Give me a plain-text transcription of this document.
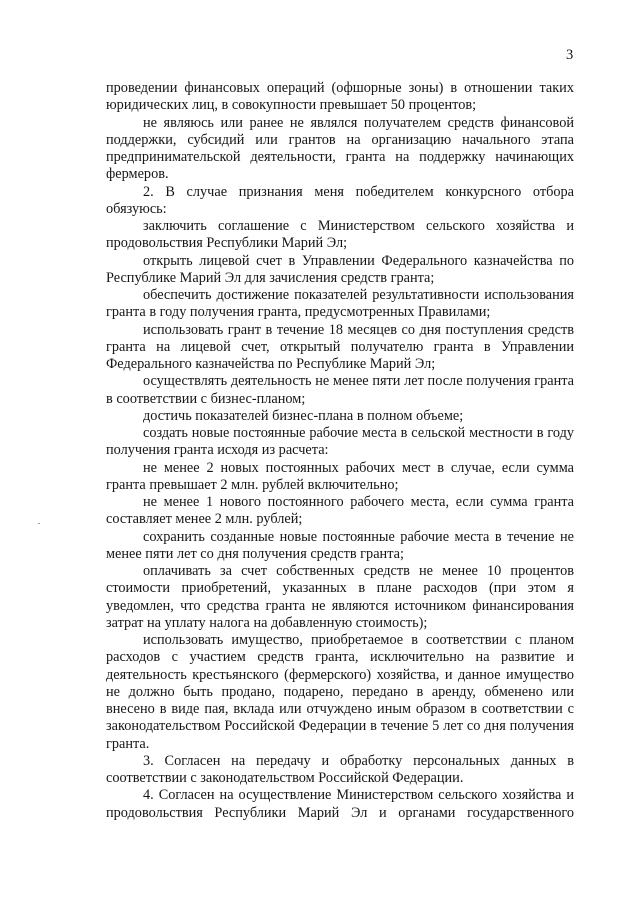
3

проведении финансовых операций (офшорные зоны) в отношении таких юридических лиц, в совокупности превышает 50 процентов;

не являюсь или ранее не являлся получателем средств финансовой поддержки, субсидий или грантов на организацию начального этапа предпринимательской деятельности, гранта на поддержку начинающих фермеров.

2. В случае признания меня победителем конкурсного отбора обязуюсь:

заключить соглашение с Министерством сельского хозяйства и продовольствия Республики Марий Эл;

открыть лицевой счет в Управлении Федерального казначейства по Республике Марий Эл для зачисления средств гранта;

обеспечить достижение показателей результативности использования гранта в году получения гранта, предусмотренных Правилами;

использовать грант в течение 18 месяцев со дня поступления средств гранта на лицевой счет, открытый получателю гранта в Управлении Федерального казначейства по Республике Марий Эл;

осуществлять деятельность не менее пяти лет после получения гранта в соответствии с бизнес-планом;

достичь показателей бизнес-плана в полном объеме;

создать новые постоянные рабочие места в сельской местности в году получения гранта исходя из расчета:

не менее 2 новых постоянных рабочих мест в случае, если сумма гранта превышает 2 млн. рублей включительно;

не менее 1 нового постоянного рабочего места, если сумма гранта составляет менее 2 млн. рублей;

сохранить созданные новые постоянные рабочие места в течение не менее пяти лет со дня получения средств гранта;

оплачивать за счет собственных средств не менее 10 процентов стоимости приобретений, указанных в плане расходов (при этом я уведомлен, что средства гранта не являются источником финансирования затрат на уплату налога на добавленную стоимость);

использовать имущество, приобретаемое в соответствии с планом расходов с участием средств гранта, исключительно на развитие и деятельность крестьянского (фермерского) хозяйства, и данное имущество не должно быть продано, подарено, передано в аренду, обменено или внесено в виде пая, вклада или отчуждено иным образом в соответствии с законодательством Российской Федерации в течение 5 лет со дня получения гранта.

3. Согласен на передачу и обработку персональных данных в соответствии с законодательством Российской Федерации.

4. Согласен на осуществление Министерством сельского хозяйства и продовольствия Республики Марий Эл и органами государственного
